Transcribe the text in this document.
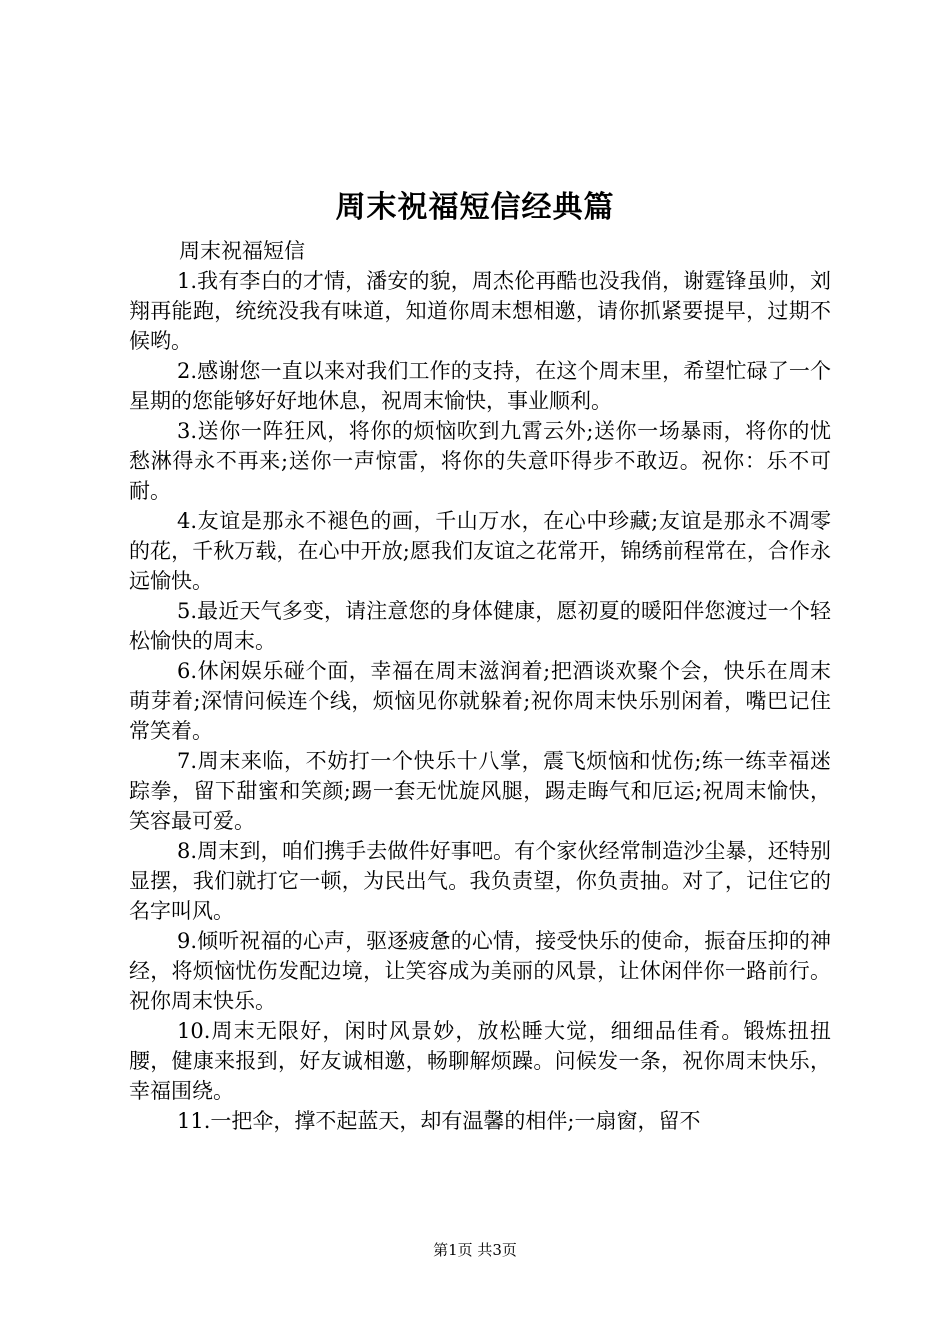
周末祝福短信经典篇

周末祝福短信

1.我有李白的才情，潘安的貌，周杰伦再酷也没我俏，谢霆锋虽帅，刘翔再能跑，统统没我有味道，知道你周末想相邀，请你抓紧要提早，过期不候哟。

2.感谢您一直以来对我们工作的支持，在这个周末里，希望忙碌了一个星期的您能够好好地休息，祝周末愉快，事业顺利。

3.送你一阵狂风，将你的烦恼吹到九霄云外;送你一场暴雨，将你的忧愁淋得永不再来;送你一声惊雷，将你的失意吓得步不敢迈。祝你：乐不可耐。

4.友谊是那永不褪色的画，千山万水，在心中珍藏;友谊是那永不凋零的花，千秋万载，在心中开放;愿我们友谊之花常开，锦绣前程常在，合作永远愉快。

5.最近天气多变，请注意您的身体健康，愿初夏的暖阳伴您渡过一个轻松愉快的周末。

6.休闲娱乐碰个面，幸福在周末滋润着;把酒谈欢聚个会，快乐在周末萌芽着;深情问候连个线，烦恼见你就躲着;祝你周末快乐别闲着，嘴巴记住常笑着。

7.周末来临，不妨打一个快乐十八掌，震飞烦恼和忧伤;练一练幸福迷踪拳，留下甜蜜和笑颜;踢一套无忧旋风腿，踢走晦气和厄运;祝周末愉快，笑容最可爱。

8.周末到，咱们携手去做件好事吧。有个家伙经常制造沙尘暴，还特别显摆，我们就打它一顿，为民出气。我负责望，你负责抽。对了，记住它的名字叫风。

9.倾听祝福的心声，驱逐疲惫的心情，接受快乐的使命，振奋压抑的神经，将烦恼忧伤发配边境，让笑容成为美丽的风景，让休闲伴你一路前行。祝你周末快乐。

10.周末无限好，闲时风景妙，放松睡大觉，细细品佳肴。锻炼扭扭腰，健康来报到，好友诚相邀，畅聊解烦躁。问候发一条，祝你周末快乐，幸福围绕。

11.一把伞，撑不起蓝天，却有温馨的相伴;一扇窗，留不

第1页 共3页
